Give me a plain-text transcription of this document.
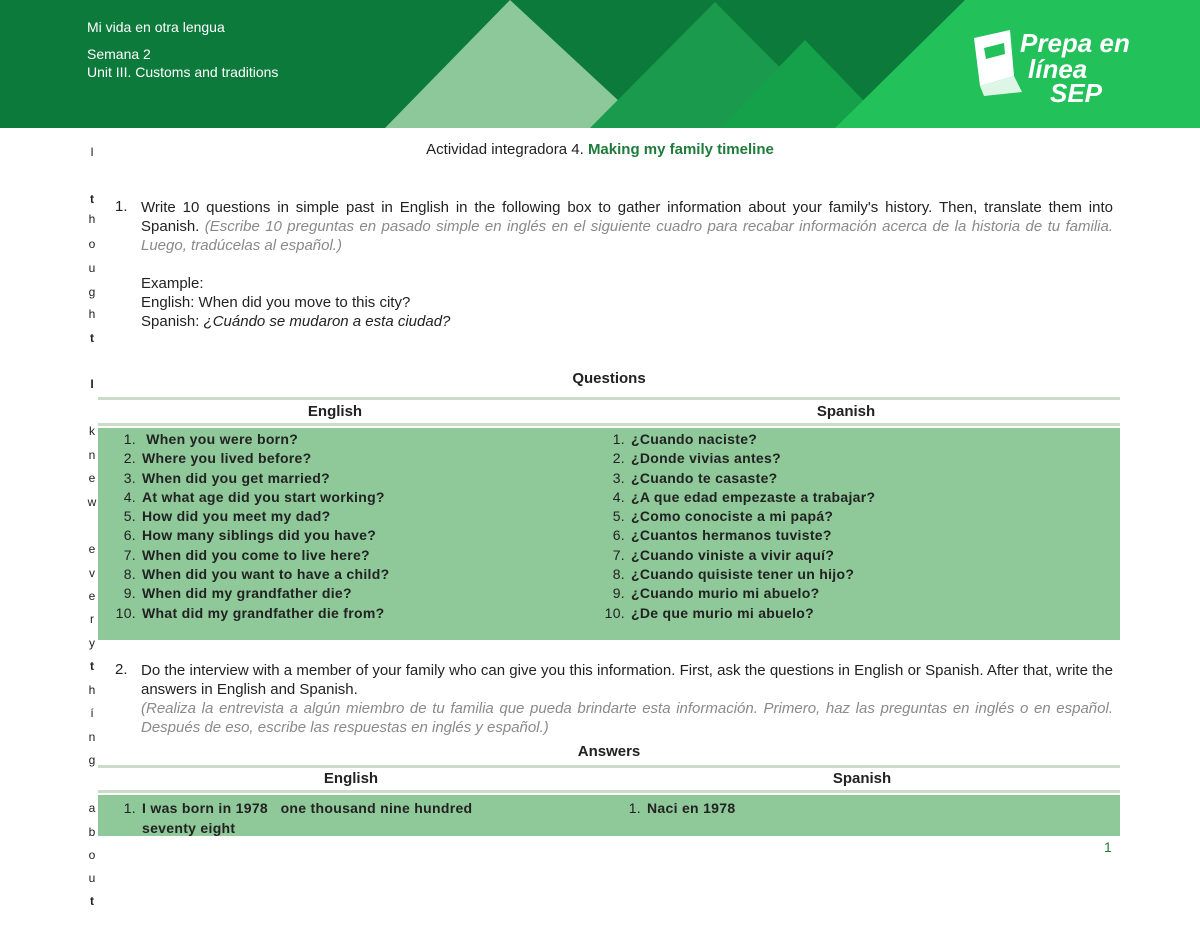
Mi vida en otra lengua
Semana 2
Unit III. Customs and traditions
Prepa en
línea
SEP
I
t
h
o
u
g
h
t
I
k
n
e
w
e
v
e
r
y
t
h
í
n
g
a
b
o
u
t
Actividad integradora 4. Making my family timeline
1. Write 10 questions in simple past in English in the following box to gather information about your family's history. Then, translate them into Spanish. (Escribe 10 preguntas en pasado simple en inglés en el siguiente cuadro para recabar información acerca de la historia de tu familia. Luego, tradúcelas al español.)
Example:
English: When did you move to this city?
Spanish: ¿Cuándo se mudaron a esta ciudad?
Questions
English	Spanish
1. When you were born?
2. Where you lived before?
3. When did you get married?
4. At what age did you start working?
5. How did you meet my dad?
6. How many siblings did you have?
7. When did you come to live here?
8. When did you want to have a child?
9. When did my grandfather die?
10. What did my grandfather die from?
1. ¿Cuando naciste?
2. ¿Donde vivias antes?
3. ¿Cuando te casaste?
4. ¿A que edad empezaste a trabajar?
5. ¿Como conociste a mi papá?
6. ¿Cuantos hermanos tuviste?
7. ¿Cuando viniste a vivir aquí?
8. ¿Cuando quisiste tener un hijo?
9. ¿Cuando murio mi abuelo?
10. ¿De que murio mi abuelo?
2. Do the interview with a member of your family who can give you this information. First, ask the questions in English or Spanish. After that, write the answers in English and Spanish.
(Realiza la entrevista a algún miembro de tu familia que pueda brindarte esta información. Primero, haz las preguntas en inglés o en español. Después de eso, escribe las respuestas en inglés y español.)
Answers
English	Spanish
1. I was born in 1978   one thousand nine hundred
seventy eight
1. Naci en 1978
1
